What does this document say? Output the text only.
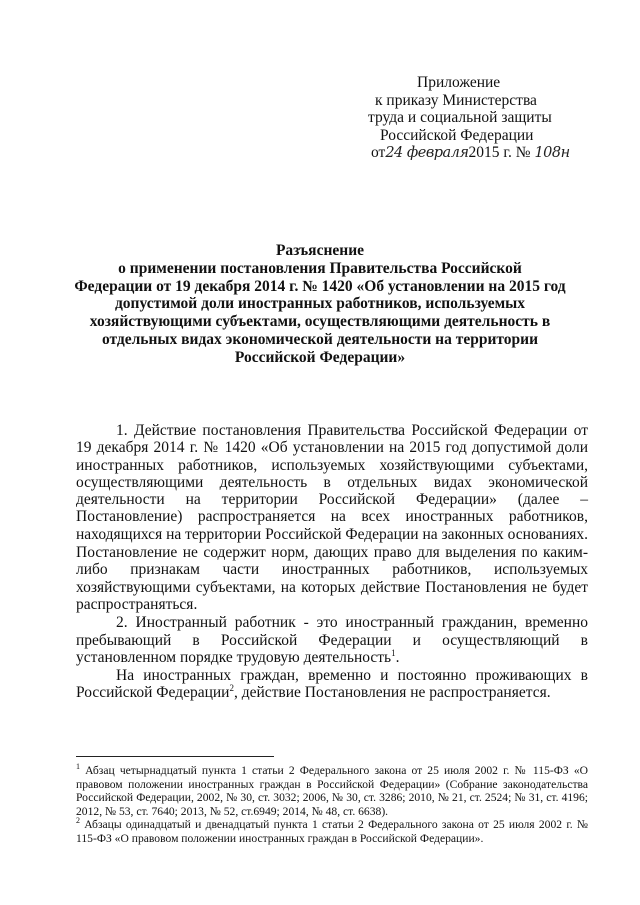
Приложение
к приказу Министерства
труда и социальной защиты
Российской Федерации
от24 февраля2015 г. № 108н
Разъяснение
о применении постановления Правительства Российской
Федерации от 19 декабря 2014 г. № 1420 «Об установлении на 2015 год
допустимой доли иностранных работников, используемых
хозяйствующими субъектами, осуществляющими деятельность в
отдельных видах экономической деятельности на территории
Российской Федерации»

1. Действие постановления Правительства Российской Федерации от 19 декабря 2014 г. № 1420 «Об установлении на 2015 год допустимой доли иностранных работников, используемых хозяйствующими субъектами, осуществляющими деятельность в отдельных видах экономической деятельности на территории Российской Федерации» (далее – Постановление) распространяется на всех иностранных работников, находящихся на территории Российской Федерации на законных основаниях.

Постановление не содержит норм, дающих право для выделения по каким-либо признакам части иностранных работников, используемых хозяйствующими субъектами, на которых действие Постановления не будет распространяться.

2. Иностранный работник - это иностранный гражданин, временно пребывающий в Российской Федерации и осуществляющий в установленном порядке трудовую деятельность$^1$.

На иностранных граждан, временно и постоянно проживающих в Российской Федерации$^2$, действие Постановления не распространяется.

$^1$ Абзац четырнадцатый пункта 1 статьи 2 Федерального закона от 25 июля 2002 г. № 115-ФЗ «О правовом положении иностранных граждан в Российской Федерации» (Собрание законодательства Российской Федерации, 2002, № 30, ст. 3032; 2006, № 30, ст. 3286; 2010, № 21, ст. 2524; № 31, ст. 4196; 2012, № 53, ст. 7640; 2013, № 52, ст.6949; 2014, № 48, ст. 6638).

$^2$ Абзацы одинадцатый и двенадцатый пункта 1 статьи 2 Федерального закона от 25 июля 2002 г. № 115-ФЗ «О правовом положении иностранных граждан в Российской Федерации».
